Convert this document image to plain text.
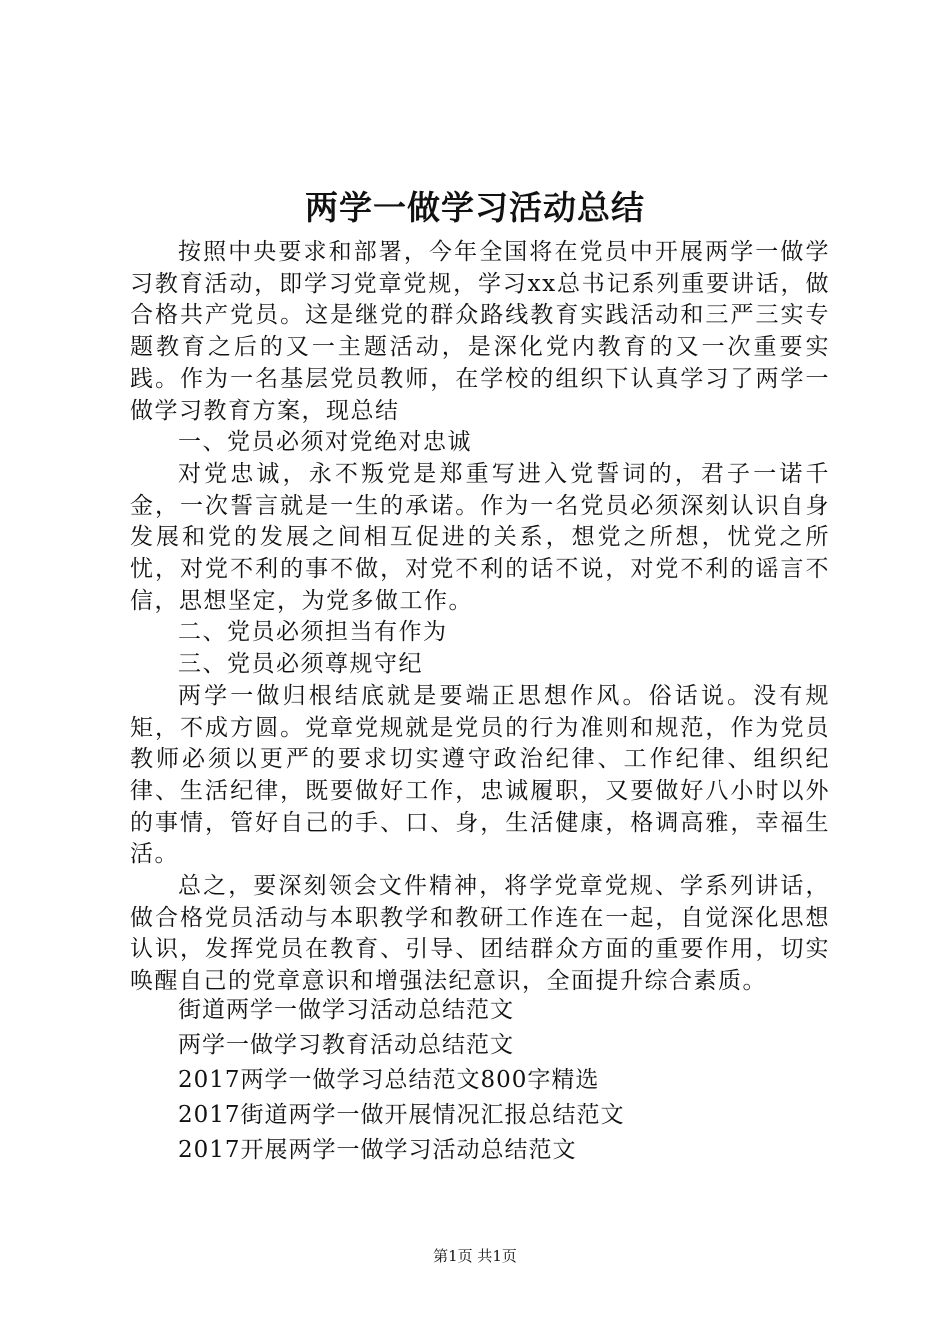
两学一做学习活动总结

按照中央要求和部署，今年全国将在党员中开展两学一做学习教育活动，即学习党章党规，学习xx总书记系列重要讲话，做合格共产党员。这是继党的群众路线教育实践活动和三严三实专题教育之后的又一主题活动，是深化党内教育的又一次重要实践。作为一名基层党员教师，在学校的组织下认真学习了两学一做学习教育方案，现总结

一、党员必须对党绝对忠诚

对党忠诚，永不叛党是郑重写进入党誓词的，君子一诺千金，一次誓言就是一生的承诺。作为一名党员必须深刻认识自身发展和党的发展之间相互促进的关系，想党之所想，忧党之所忧，对党不利的事不做，对党不利的话不说，对党不利的谣言不信，思想坚定，为党多做工作。

二、党员必须担当有作为

三、党员必须尊规守纪

两学一做归根结底就是要端正思想作风。俗话说。没有规矩，不成方圆。党章党规就是党员的行为准则和规范，作为党员教师必须以更严的要求切实遵守政治纪律、工作纪律、组织纪律、生活纪律，既要做好工作，忠诚履职，又要做好八小时以外的事情，管好自己的手、口、身，生活健康，格调高雅，幸福生活。

总之，要深刻领会文件精神，将学党章党规、学系列讲话，做合格党员活动与本职教学和教研工作连在一起，自觉深化思想认识，发挥党员在教育、引导、团结群众方面的重要作用，切实唤醒自己的党章意识和增强法纪意识，全面提升综合素质。

街道两学一做学习活动总结范文
两学一做学习教育活动总结范文
2017两学一做学习总结范文800字精选
2017街道两学一做开展情况汇报总结范文
2017开展两学一做学习活动总结范文
第1页 共1页
